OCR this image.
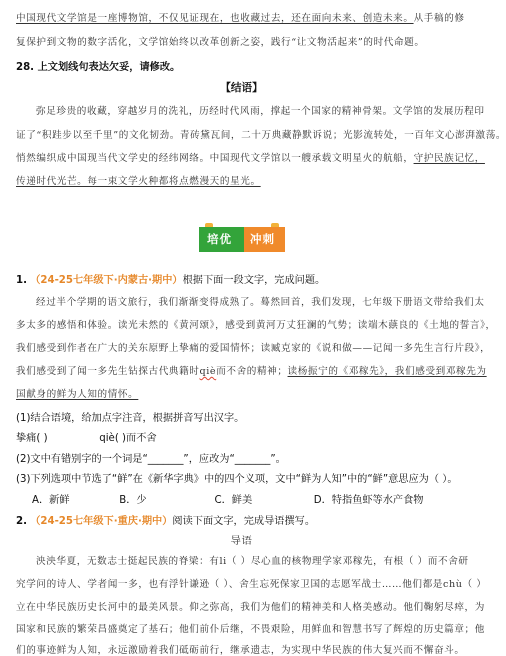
中国现代文学馆是一座博物馆，不仅见证现在，也收藏过去，还在面向未来、创造未来。从手稿的修
复保护到文物的数字活化，文学馆始终以改革创新之姿，践行“让文物活起来”的时代命题。
28. 上文划线句表达欠妥，请修改。
【结语】
弥足珍贵的收藏，穿越岁月的洗礼，历经时代风雨，撑起一个国家的精神骨架。文学馆的发展历程印
证了“积跬步以至千里”的文化韧劲。青砖黛瓦间，二十万典藏静默诉说；光影流转处，一百年文心澎湃激荡。
悄然编织成中国现当代文学史的经纬网络。中国现代文学馆以一艘承载文明星火的航船，守护民族记忆，
传递时代光芒。每一束文学火种都将点燃漫天的星光。
培优 冲刺
1. （24-25七年级下·内蒙古·期中）根据下面一段文字，完成问题。
经过半个学期的语文旅行，我们渐渐变得成熟了。蓦然回首，我们发现，七年级下册语文带给我们太
多太多的感悟和体验。读光未然的《黄河颂》，感受到黄河万丈狂澜的气势；读端木蕻良的《土地的誓言》，
我们感受到作者在广大的关东原野上挚痛的爱国情怀；读臧克家的《说和做——记闻一多先生言行片段》，
我们感受到了闻一多先生钻探古代典籍时qiè而不舍的精神；读杨振宁的《邓稼先》，我们感受到邓稼先为
国献身的鲜为人知的情怀。
(1)结合语境，给加点字注音，根据拼音写出汉字。
挚痛( )	qiè( )而不舍
(2)文中有错别字的一个词是“_______”，应改为“_______”。
(3)下列选项中节选了“鲜”在《新华字典》中的四个义项，文中“鲜为人知”中的“鲜”意思应为（ ）。
A．新鲜	B．少	C．鲜美	D．特指鱼虾等水产食物
2. （24-25七年级下·重庆·期中）阅读下面文字，完成导语撰写。
导语
泱泱华夏，无数志士挺起民族的脊梁：有li（ ）尽心血的核物理学家邓稼先，有根（ ）而不舍研
究学问的诗人、学者闻一多，也有浮针谦逊（ ）、舍生忘死保家卫国的志愿军战士……他们都是chù（ ）
立在中华民族历史长河中的最美风景。仰之弥高，我们为他们的精神美和人格美感动。他们鞠躬尽瘁，为
国家和民族的繁荣昌盛奠定了基石；他们前仆后继，不畏艰险，用鲜血和智慧书写了辉煌的历史篇章；他
们的事迹鲜为人知，永远激励着我们砥砺前行，继承遗志，为实现中华民族的伟大复兴而不懈奋斗。
